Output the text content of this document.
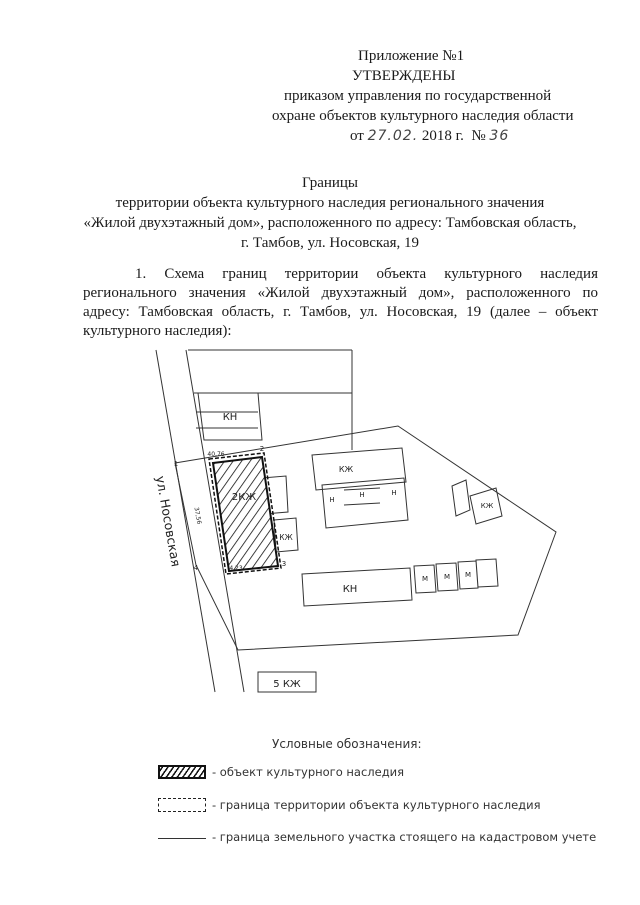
Приложение №1
УТВЕРЖДЕНЫ
приказом управления по государственной
охране объектов культурного наследия области
от 27.02. 2018 г. № 36
Границы
территории объекта культурного наследия регионального значения
«Жилой двухэтажный дом», расположенного по адресу: Тамбовская область,
г. Тамбов, ул. Носовская, 19
1. Схема границ территории объекта культурного наследия регионального значения «Жилой двухэтажный дом», расположенного по адресу: Тамбовская область, г. Тамбов, ул. Носовская, 19 (далее – объект культурного наследия):
ул. Носовская
КН
2КЖ
КЖ
КЖ
Н
Н	Н
КЖ
КН
М М М
5 КЖ
1
2
3
4
40,76
37,56
4,23
Условные обозначения:
- объект культурного наследия
- граница территории объекта культурного наследия
- граница земельного участка стоящего на кадастровом учете
